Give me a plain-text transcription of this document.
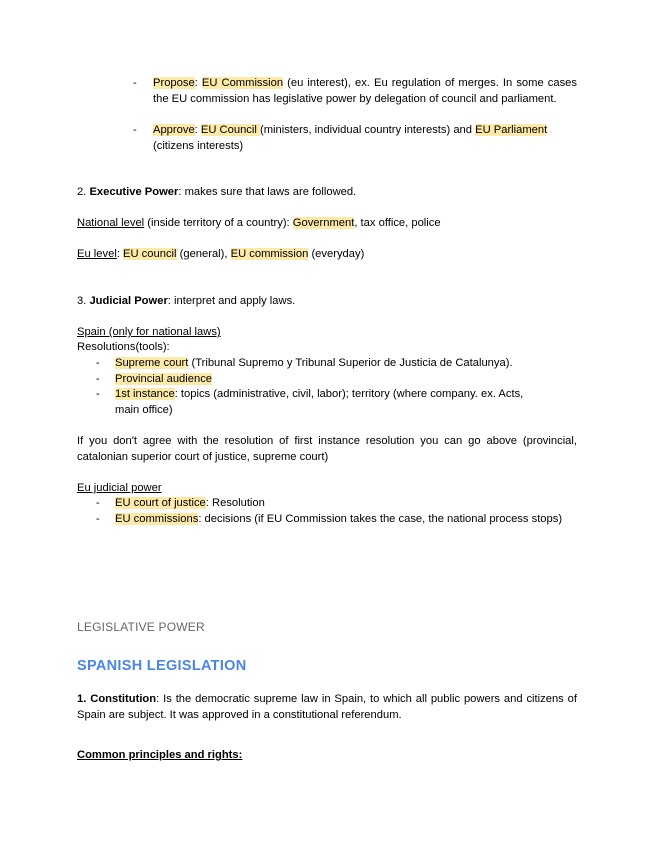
-	Propose: EU Commission (eu interest), ex. Eu regulation of merges. In some cases the EU commission has legislative power by delegation of council and parliament.
-	Approve: EU Council (ministers, individual country interests) and EU Parliament (citizens interests)
2. Executive Power: makes sure that laws are followed.
National level (inside territory of a country): Government, tax office, police
Eu level: EU council (general), EU commission (everyday)
3. Judicial Power: interpret and apply laws.
Spain (only for national laws)
Resolutions(tools):
-	Supreme court (Tribunal Supremo y Tribunal Superior de Justicia de Catalunya).
-	Provincial audience
-	1st instance: topics (administrative, civil, labor); territory (where company. ex. Acts, main office)
If you don't agree with the resolution of first instance resolution you can go above (provincial, catalonian superior court of justice, supreme court)
Eu judicial power
-	EU court of justice: Resolution
-	EU commissions: decisions (if EU Commission takes the case, the national process stops)
LEGISLATIVE POWER
SPANISH LEGISLATION
1. Constitution: Is the democratic supreme law in Spain, to which all public powers and citizens of Spain are subject. It was approved in a constitutional referendum.
Common principles and rights:
